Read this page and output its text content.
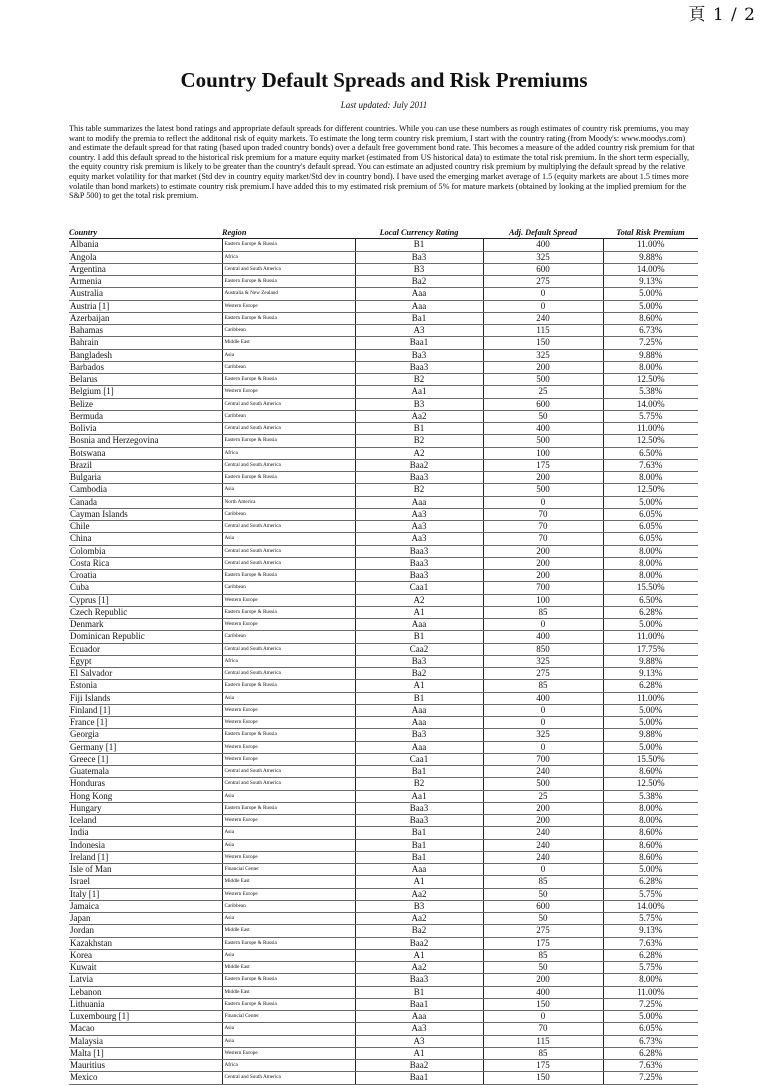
頁 1 / 2
Country Default Spreads and Risk Premiums
Last updated: July 2011

This table summarizes the latest bond ratings and appropriate default spreads for different countries. While you can use these numbers as rough estimates of country risk premiums, you may want to modify the premia to reflect the additonal risk of equity markets. To estimate the long term country risk premium, I start with the country rating (from Moody's: www.moodys.com) and estimate the default spread for that rating (based upon traded country bonds) over a default free government bond rate. This becomes a measure of the added country risk premium for that country. I add this default spread to the historical risk premium for a mature equity market (estimated from US historical data) to estimate the total risk premium. In the short term especially, the equity country risk premium is likely to be greater than the country's default spread. You can estimate an adjusted country risk premium by multiplying the default spread by the relative equity market volatility for that market (Std dev in country equity market/Std dev in country bond). I have used the emerging market average of 1.5 (equity markets are about 1.5 times more volatile than bond markets) to estimate country risk premium.I have added this to my estimated risk premium of 5% for mature markets (obtained by looking at the implied premium for the S&P 500) to get the total risk premium.

Country	Region	Local Currency Rating	Adj. Default Spread	Total Risk Premium
Albania	Eastern Europe & Russia	B1	400	11.00%
Angola	Africa	Ba3	325	9.88%
Argentina	Central and South America	B3	600	14.00%
Armenia	Eastern Europe & Russia	Ba2	275	9.13%
Australia	Australia & New Zealand	Aaa	0	5.00%
Austria [1]	Western Europe	Aaa	0	5.00%
Azerbaijan	Eastern Europe & Russia	Ba1	240	8.60%
Bahamas	Caribbean	A3	115	6.73%
Bahrain	Middle East	Baa1	150	7.25%
Bangladesh	Asia	Ba3	325	9.88%
Barbados	Caribbean	Baa3	200	8.00%
Belarus	Eastern Europe & Russia	B2	500	12.50%
Belgium [1]	Western Europe	Aa1	25	5.38%
Belize	Central and South America	B3	600	14.00%
Bermuda	Caribbean	Aa2	50	5.75%
Bolivia	Central and South America	B1	400	11.00%
Bosnia and Herzegovina	Eastern Europe & Russia	B2	500	12.50%
Botswana	Africa	A2	100	6.50%
Brazil	Central and South America	Baa2	175	7.63%
Bulgaria	Eastern Europe & Russia	Baa3	200	8.00%
Cambodia	Asia	B2	500	12.50%
Canada	North America	Aaa	0	5.00%
Cayman Islands	Caribbean	Aa3	70	6.05%
Chile	Central and South America	Aa3	70	6.05%
China	Asia	Aa3	70	6.05%
Colombia	Central and South America	Baa3	200	8.00%
Costa Rica	Central and South America	Baa3	200	8.00%
Croatia	Eastern Europe & Russia	Baa3	200	8.00%
Cuba	Caribbean	Caa1	700	15.50%
Cyprus [1]	Western Europe	A2	100	6.50%
Czech Republic	Eastern Europe & Russia	A1	85	6.28%
Denmark	Western Europe	Aaa	0	5.00%
Dominican Republic	Caribbean	B1	400	11.00%
Ecuador	Central and South America	Caa2	850	17.75%
Egypt	Africa	Ba3	325	9.88%
El Salvador	Central and South America	Ba2	275	9.13%
Estonia	Eastern Europe & Russia	A1	85	6.28%
Fiji Islands	Asia	B1	400	11.00%
Finland [1]	Western Europe	Aaa	0	5.00%
France [1]	Western Europe	Aaa	0	5.00%
Georgia	Eastern Europe & Russia	Ba3	325	9.88%
Germany [1]	Western Europe	Aaa	0	5.00%
Greece [1]	Western Europe	Caa1	700	15.50%
Guatemala	Central and South America	Ba1	240	8.60%
Honduras	Central and South America	B2	500	12.50%
Hong Kong	Asia	Aa1	25	5.38%
Hungary	Eastern Europe & Russia	Baa3	200	8.00%
Iceland	Western Europe	Baa3	200	8.00%
India	Asia	Ba1	240	8.60%
Indonesia	Asia	Ba1	240	8.60%
Ireland [1]	Western Europe	Ba1	240	8.60%
Isle of Man	Financial Center	Aaa	0	5.00%
Israel	Middle East	A1	85	6.28%
Italy [1]	Western Europe	Aa2	50	5.75%
Jamaica	Caribbean	B3	600	14.00%
Japan	Asia	Aa2	50	5.75%
Jordan	Middle East	Ba2	275	9.13%
Kazakhstan	Eastern Europe & Russia	Baa2	175	7.63%
Korea	Asia	A1	85	6.28%
Kuwait	Middle East	Aa2	50	5.75%
Latvia	Eastern Europe & Russia	Baa3	200	8.00%
Lebanon	Middle East	B1	400	11.00%
Lithuania	Eastern Europe & Russia	Baa1	150	7.25%
Luxembourg [1]	Financial Center	Aaa	0	5.00%
Macao	Asia	Aa3	70	6.05%
Malaysia	Asia	A3	115	6.73%
Malta [1]	Western Europe	A1	85	6.28%
Mauritius	Africa	Baa2	175	7.63%
Mexico	Central and South America	Baa1	150	7.25%
